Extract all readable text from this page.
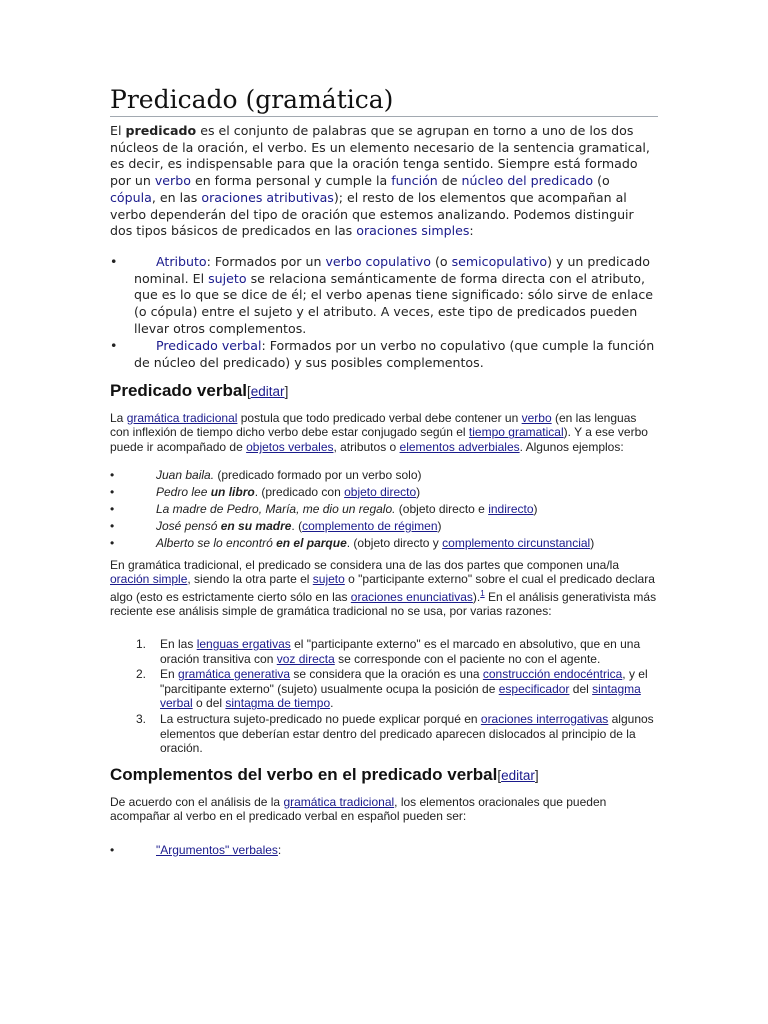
Predicado (gramática)

El predicado es el conjunto de palabras que se agrupan en torno a uno de los dos núcleos de la oración, el verbo. Es un elemento necesario de la sentencia gramatical, es decir, es indispensable para que la oración tenga sentido. Siempre está formado por un verbo en forma personal y cumple la función de núcleo del predicado (o cópula, en las oraciones atributivas); el resto de los elementos que acompañan al verbo dependerán del tipo de oración que estemos analizando. Podemos distinguir dos tipos básicos de predicados en las oraciones simples:

•	Atributo: Formados por un verbo copulativo (o semicopulativo) y un predicado nominal. El sujeto se relaciona semánticamente de forma directa con el atributo, que es lo que se dice de él; el verbo apenas tiene significado: sólo sirve de enlace (o cópula) entre el sujeto y el atributo. A veces, este tipo de predicados pueden llevar otros complementos.
•	Predicado verbal: Formados por un verbo no copulativo (que cumple la función de núcleo del predicado) y sus posibles complementos.
Predicado verbal[editar]

La gramática tradicional postula que todo predicado verbal debe contener un verbo (en las lenguas con inflexión de tiempo dicho verbo debe estar conjugado según el tiempo gramatical). Y a ese verbo puede ir acompañado de objetos verbales, atributos o elementos adverbiales. Algunos ejemplos:

•	Juan baila. (predicado formado por un verbo solo)
•	Pedro lee un libro. (predicado con objeto directo)
•	La madre de Pedro, María, me dio un regalo. (objeto directo e indirecto)
•	José pensó en su madre. (complemento de régimen)
•	Alberto se lo encontró en el parque. (objeto directo y complemento circunstancial)

En gramática tradicional, el predicado se considera una de las dos partes que componen una/la oración simple, siendo la otra parte el sujeto o "participante externo" sobre el cual el predicado declara algo (esto es estrictamente cierto sólo en las oraciones enunciativas).$^1$ En el análisis generativista más reciente ese análisis simple de gramática tradicional no se usa, por varias razones:

1. En las lenguas ergativas el "participante externo" es el marcado en absolutivo, que en una oración transitiva con voz directa se corresponde con el paciente no con el agente.
2. En gramática generativa se considera que la oración es una construcción endocéntrica, y el "parcitipante externo" (sujeto) usualmente ocupa la posición de especificador del sintagma verbal o del sintagma de tiempo.
3. La estructura sujeto-predicado no puede explicar porqué en oraciones interrogativas algunos elementos que deberían estar dentro del predicado aparecen dislocados al principio de la oración.
Complementos del verbo en el predicado verbal[editar]

De acuerdo con el análisis de la gramática tradicional, los elementos oracionales que pueden acompañar al verbo en el predicado verbal en español pueden ser:

•	"Argumentos" verbales:
